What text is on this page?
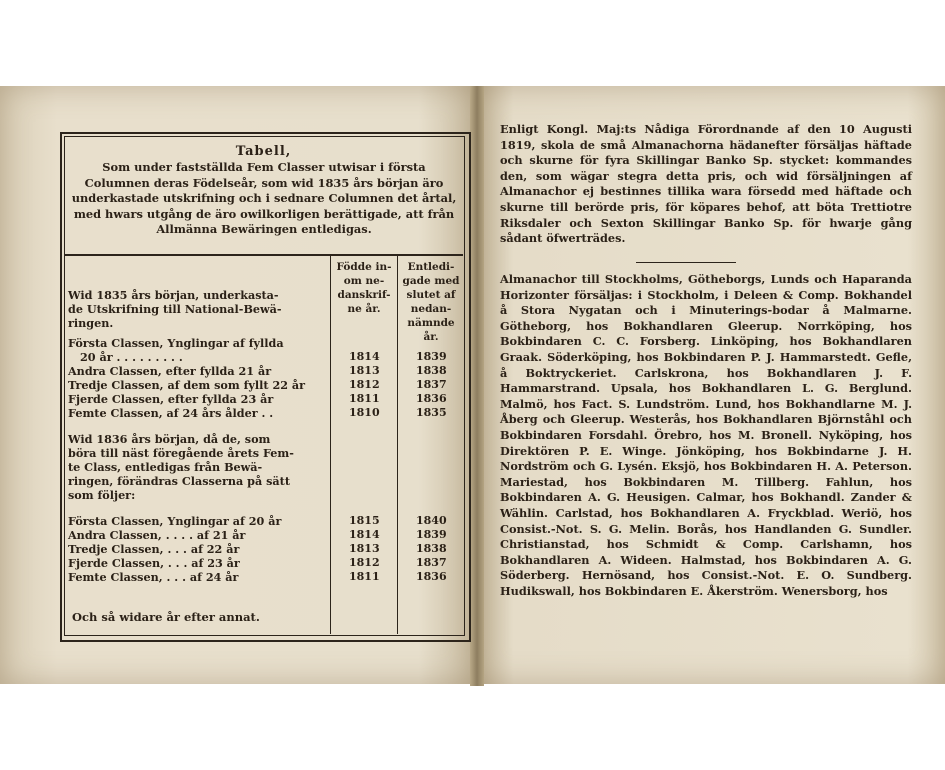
Tabell,
Som under fastställda Fem Classer utwisar i första Columnen deras Födelseår, som wid 1835 års början äro underkastade utskrifning och i sednare Columnen det årtal, med hwars utgång de äro owilkorligen berättigade, att från Allmänna Bewäringen entledigas.
Födde in-om ne-danskrif-ne år.
Entledi-gade med slutet af nedan-nämnde år.
Wid 1835 års början, underkasta-
de Utskrifning till National-Bewä-
ringen.
Första Classen, Ynglingar af fyllda
20 år . . . . . . . . .	1814	1839
Andra Classen, efter fyllda 21 år	1813	1838
Tredje Classen, af dem som fyllt 22 år	1812	1837
Fjerde Classen, efter fyllda 23 år	1811	1836
Femte Classen, af 24 års ålder . .	1810	1835
Wid 1836 års början, då de, som
böra till näst föregående årets Fem-
te Class, entledigas från Bewä-
ringen, förändras Classerna på sätt
som följer:
Första Classen, Ynglingar af 20 år	1815	1840
Andra Classen, . . . . af 21 år	1814	1839
Tredje Classen, . . . af 22 år	1813	1838
Fjerde Classen, . . . af 23 år	1812	1837
Femte Classen, . . . af 24 år	1811	1836
Och så widare år efter annat.
Enligt Kongl. Maj:ts Nådiga Förordnande af den 10 Augusti 1819, skola de små Almanachorna hädanefter försäljas häftade och skurne för fyra Skillingar Banko Sp. stycket: kommandes den, som wägar stegra detta pris, och wid försäljningen af Almanachor ej bestinnes tillika wara försedd med häftade och skurne till berörde pris, för köpares behof, att böta Trettiotre Riksdaler och Sexton Skillingar Banko Sp. för hwarje gång sådant öfwerträdes.
Almanachor till Stockholms, Götheborgs, Lunds och Haparanda Horizonter försäljas: i Stockholm, i Deleen & Comp. Bokhandel å Stora Nygatan och i Minuterings-bodar å Malmarne. Götheborg, hos Bokhandlaren Gleerup. Norrköping, hos Bokbindaren C. C. Forsberg. Linköping, hos Bokhandlaren Graak. Söderköping, hos Bokbindaren P. J. Hammarstedt. Gefle, å Boktryckeriet. Carlskrona, hos Bokhandlaren J. F. Hammarstrand. Upsala, hos Bokhandlaren L. G. Berglund. Malmö, hos Fact. S. Lundström. Lund, hos Bokhandlarne M. J. Åberg och Gleerup. Westerås, hos Bokhandlaren Björnståhl och Bokbindaren Forsdahl. Örebro, hos M. Bronell. Nyköping, hos Direktören P. E. Winge. Jönköping, hos Bokbindarne J. H. Nordström och G. Lysén. Eksjö, hos Bokbindaren H. A. Peterson. Mariestad, hos Bokbindaren M. Tillberg. Fahlun, hos Bokbindaren A. G. Heusigen. Calmar, hos Bokhandl. Zander & Wählin. Carlstad, hos Bokhandlaren A. Fryckblad. Weriö, hos Consist.-Not. S. G. Melin. Borås, hos Handlanden G. Sundler. Christianstad, hos Schmidt & Comp. Carlshamn, hos Bokhandlaren A. Wideen. Halmstad, hos Bokbindaren A. G. Söderberg. Hernösand, hos Consist.-Not. E. O. Sundberg. Hudikswall, hos Bokbindaren E. Åkerström. Wenersborg, hos
